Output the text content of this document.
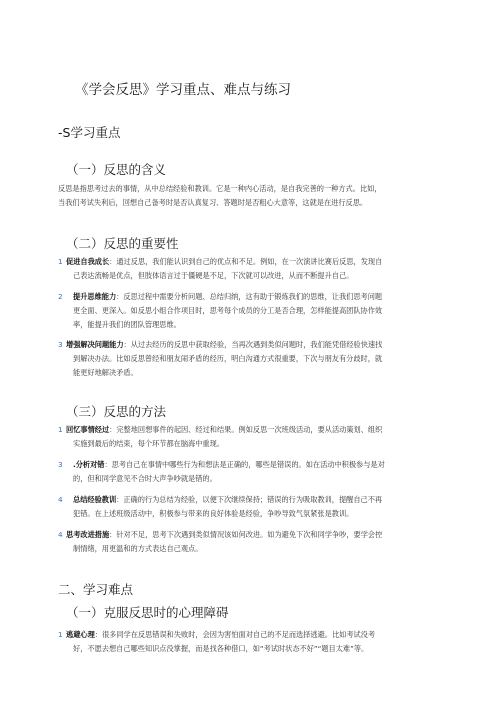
《学会反思》学习重点、难点与练习
-S学习重点
（一）反思的含义
反思是指思考过去的事情，从中总结经验和教训。它是一种内心活动，是自我完善的一种方式。比如，
当我们考试失利后，回想自己备考时是否认真复习、答题时是否粗心大意等，这就是在进行反思。
（二）反思的重要性
1 促进自我成长：通过反思，我们能认识到自己的优点和不足。例如，在一次演讲比赛后反思，发现自
己表达流畅是优点，但肢体语言过于僵硬是不足，下次就可以改进，从而不断提升自己。
2	提升思维能力：反思过程中需要分析问题、总结归纳，这有助于锻炼我们的思维，让我们思考问题
更全面、更深入。如反思小组合作项目时，思考每个成员的分工是否合理，怎样能提高团队协作效
率，能提升我们的团队管理思维。
3 增强解决问题能力：从过去经历的反思中获取经验，当再次遇到类似问题时，我们能凭借经验快速找
到解决办法。比如反思曾经和朋友闹矛盾的经历，明白沟通方式很重要，下次与朋友有分歧时，就
能更好地解决矛盾。
（三）反思的方法
1 回忆事情经过：完整地回想事件的起因、经过和结果。例如反思一次班级活动，要从活动策划、组织
实施到最后的结束，每个环节都在脑海中重现。
3	.分析对错：思考自己在事情中哪些行为和想法是正确的，哪些是错误的。如在活动中积极参与是对
的，但和同学意见不合时大声争吵就是错的。
4	总结经验教训：正确的行为总结为经验，以便下次继续保持；错误的行为吸取教训，提醒自己不再
犯错。在上述班级活动中，积极参与带来的良好体验是经验，争吵导致气氛紧张是教训。
4 思考改进措施：针对不足，思考下次遇到类似情况该如何改进。如为避免下次和同学争吵，要学会控
制情绪，用更温和的方式表达自己观点。
二、学习难点
（一）克服反思时的心理障碍
1 逃避心理：很多同学在反思错误和失败时，会因为害怕面对自己的不足而选择逃避。比如考试没考
好，不愿去想自己哪些知识点没掌握，而是找各种借口，如“考试时状态不好”“题目太难”等。
